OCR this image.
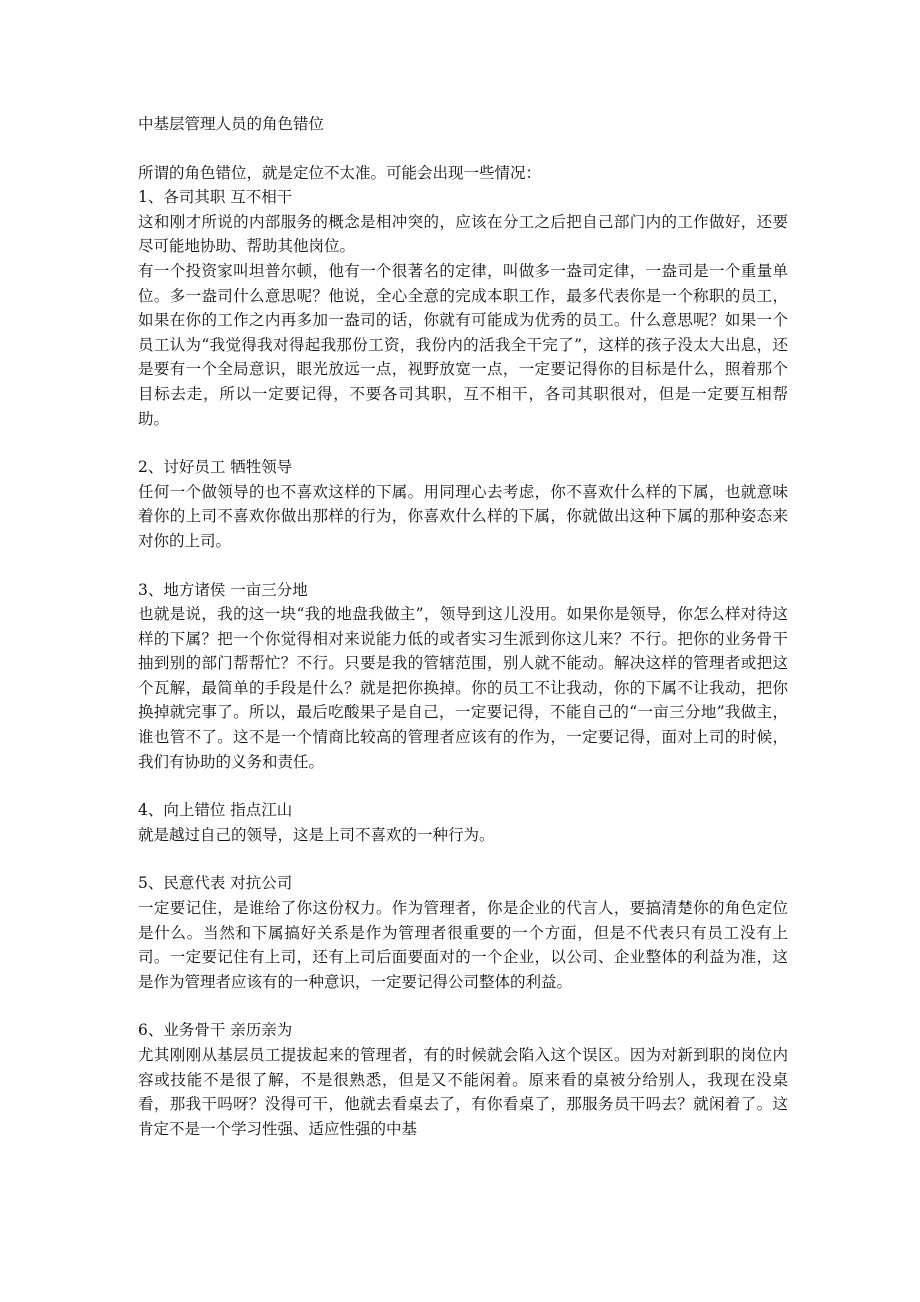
中基层管理人员的角色错位

所谓的角色错位，就是定位不太准。可能会出现一些情况：

1、各司其职 互不相干

这和刚才所说的内部服务的概念是相冲突的，应该在分工之后把自己部门内的工作做好，还要尽可能地协助、帮助其他岗位。

有一个投资家叫坦普尔顿，他有一个很著名的定律，叫做多一盎司定律，一盎司是一个重量单位。多一盎司什么意思呢？他说，全心全意的完成本职工作，最多代表你是一个称职的员工，如果在你的工作之内再多加一盎司的话，你就有可能成为优秀的员工。什么意思呢？如果一个员工认为“我觉得我对得起我那份工资，我份内的活我全干完了”，这样的孩子没太大出息，还是要有一个全局意识，眼光放远一点，视野放宽一点，一定要记得你的目标是什么，照着那个目标去走，所以一定要记得，不要各司其职，互不相干，各司其职很对，但是一定要互相帮助。

2、讨好员工 牺牲领导

任何一个做领导的也不喜欢这样的下属。用同理心去考虑，你不喜欢什么样的下属，也就意味着你的上司不喜欢你做出那样的行为，你喜欢什么样的下属，你就做出这种下属的那种姿态来对你的上司。

3、地方诸侯 一亩三分地

也就是说，我的这一块“我的地盘我做主”，领导到这儿没用。如果你是领导，你怎么样对待这样的下属？把一个你觉得相对来说能力低的或者实习生派到你这儿来？不行。把你的业务骨干抽到别的部门帮帮忙？不行。只要是我的管辖范围，别人就不能动。解决这样的管理者或把这个瓦解，最简单的手段是什么？就是把你换掉。你的员工不让我动，你的下属不让我动，把你换掉就完事了。所以，最后吃酸果子是自己，一定要记得，不能自己的“一亩三分地”我做主，谁也管不了。这不是一个情商比较高的管理者应该有的作为，一定要记得，面对上司的时候，我们有协助的义务和责任。

4、向上错位 指点江山

就是越过自己的领导，这是上司不喜欢的一种行为。

5、民意代表 对抗公司

一定要记住，是谁给了你这份权力。作为管理者，你是企业的代言人，要搞清楚你的角色定位是什么。当然和下属搞好关系是作为管理者很重要的一个方面，但是不代表只有员工没有上司。一定要记住有上司，还有上司后面要面对的一个企业，以公司、企业整体的利益为准，这是作为管理者应该有的一种意识，一定要记得公司整体的利益。

6、业务骨干 亲历亲为

尤其刚刚从基层员工提拔起来的管理者，有的时候就会陷入这个误区。因为对新到职的岗位内容或技能不是很了解，不是很熟悉，但是又不能闲着。原来看的桌被分给别人，我现在没桌看，那我干吗呀？没得可干，他就去看桌去了，有你看桌了，那服务员干吗去？就闲着了。这肯定不是一个学习性强、适应性强的中基
